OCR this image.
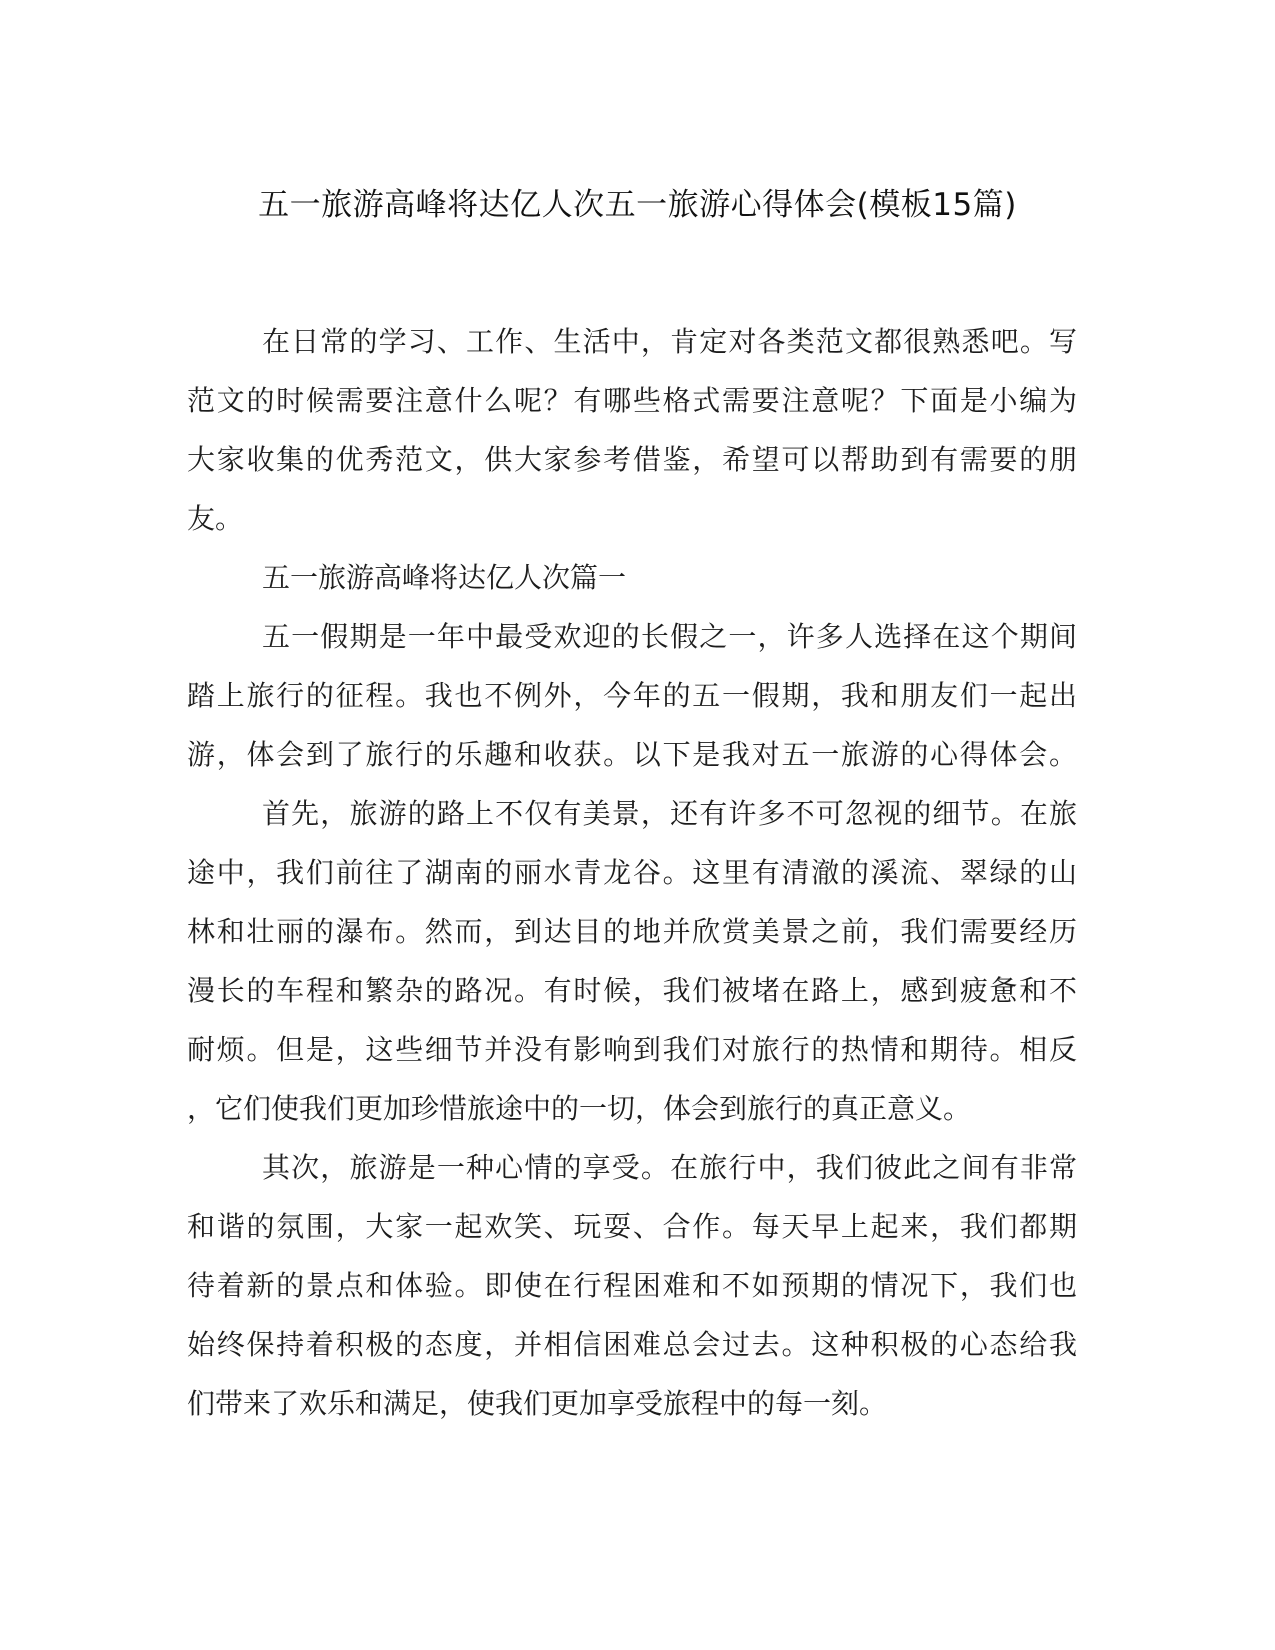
五一旅游高峰将达亿人次五一旅游心得体会(模板15篇)
在日常的学习、工作、生活中，肯定对各类范文都很熟悉吧。写
范文的时候需要注意什么呢？有哪些格式需要注意呢？下面是小编为
大家收集的优秀范文，供大家参考借鉴，希望可以帮助到有需要的朋
友。
五一旅游高峰将达亿人次篇一
五一假期是一年中最受欢迎的长假之一，许多人选择在这个期间
踏上旅行的征程。我也不例外，今年的五一假期，我和朋友们一起出
游，体会到了旅行的乐趣和收获。以下是我对五一旅游的心得体会。
首先，旅游的路上不仅有美景，还有许多不可忽视的细节。在旅
途中，我们前往了湖南的丽水青龙谷。这里有清澈的溪流、翠绿的山
林和壮丽的瀑布。然而，到达目的地并欣赏美景之前，我们需要经历
漫长的车程和繁杂的路况。有时候，我们被堵在路上，感到疲惫和不
耐烦。但是，这些细节并没有影响到我们对旅行的热情和期待。相反
，它们使我们更加珍惜旅途中的一切，体会到旅行的真正意义。
其次，旅游是一种心情的享受。在旅行中，我们彼此之间有非常
和谐的氛围，大家一起欢笑、玩耍、合作。每天早上起来，我们都期
待着新的景点和体验。即使在行程困难和不如预期的情况下，我们也
始终保持着积极的态度，并相信困难总会过去。这种积极的心态给我
们带来了欢乐和满足，使我们更加享受旅程中的每一刻。
